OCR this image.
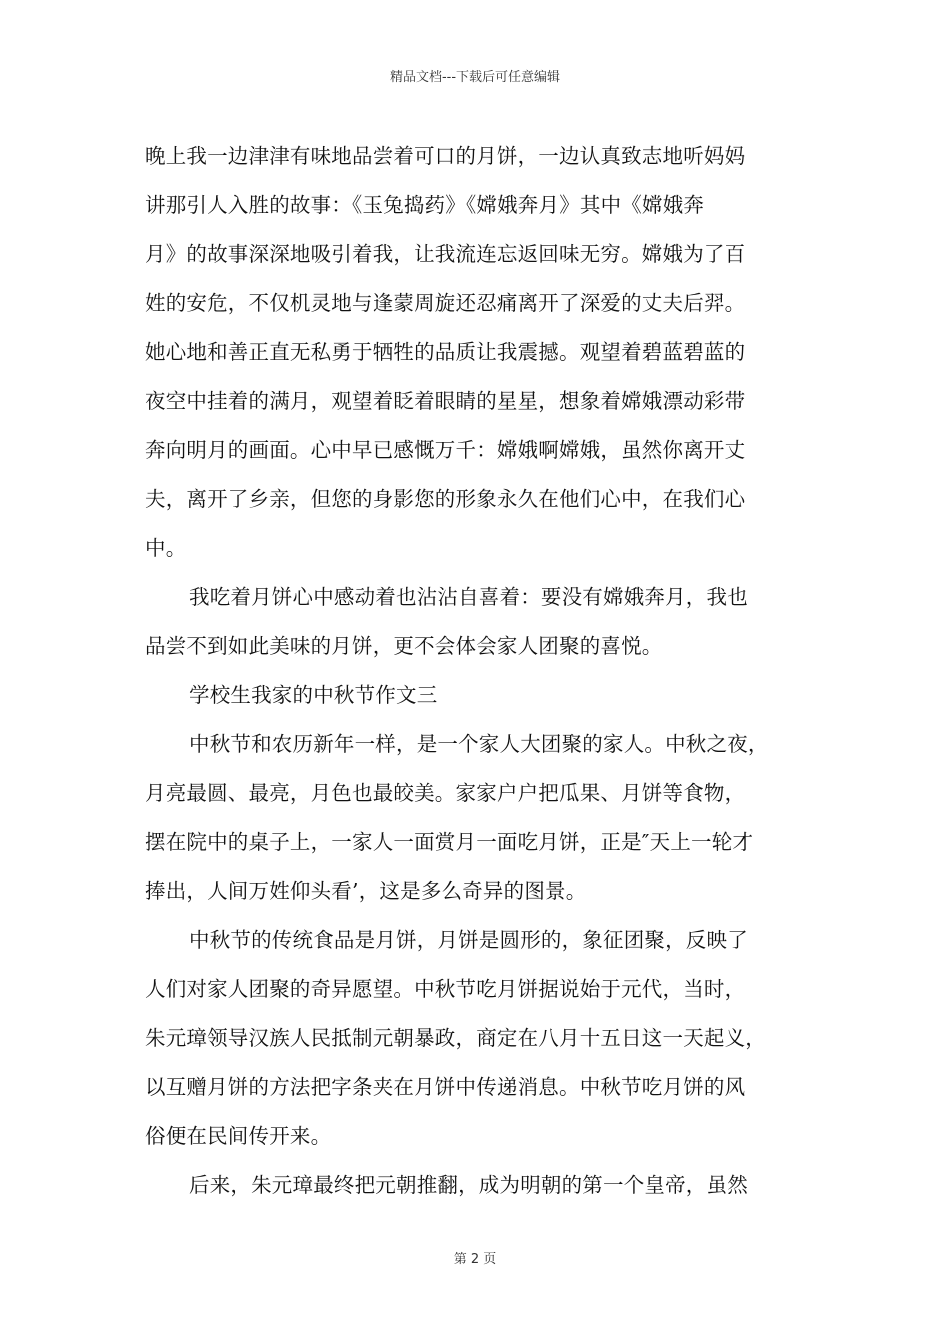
精品文档---下载后可任意编辑
晚上我一边津津有味地品尝着可口的月饼，一边认真致志地听妈妈
讲那引人入胜的故事：《玉兔捣药》《嫦娥奔月》其中《嫦娥奔
月》的故事深深地吸引着我，让我流连忘返回味无穷。嫦娥为了百
姓的安危，不仅机灵地与逢蒙周旋还忍痛离开了深爱的丈夫后羿。
她心地和善正直无私勇于牺牲的品质让我震撼。观望着碧蓝碧蓝的
夜空中挂着的满月，观望着眨着眼睛的星星，想象着嫦娥漂动彩带
奔向明月的画面。心中早已感慨万千：嫦娥啊嫦娥，虽然你离开丈
夫，离开了乡亲，但您的身影您的形象永久在他们心中，在我们心
中。
我吃着月饼心中感动着也沾沾自喜着：要没有嫦娥奔月，我也
品尝不到如此美味的月饼，更不会体会家人团聚的喜悦。
学校生我家的中秋节作文三
中秋节和农历新年一样，是一个家人大团聚的家人。中秋之夜，
月亮最圆、最亮，月色也最皎美。家家户户把瓜果、月饼等食物，
摆在院中的桌子上，一家人一面赏月一面吃月饼，正是″天上一轮才
捧出，人间万姓仰头看’，这是多么奇异的图景。
中秋节的传统食品是月饼，月饼是圆形的，象征团聚，反映了
人们对家人团聚的奇异愿望。中秋节吃月饼据说始于元代，当时，
朱元璋领导汉族人民抵制元朝暴政，商定在八月十五日这一天起义，
以互赠月饼的方法把字条夹在月饼中传递消息。中秋节吃月饼的风
俗便在民间传开来。
后来，朱元璋最终把元朝推翻，成为明朝的第一个皇帝，虽然
第 2 页
